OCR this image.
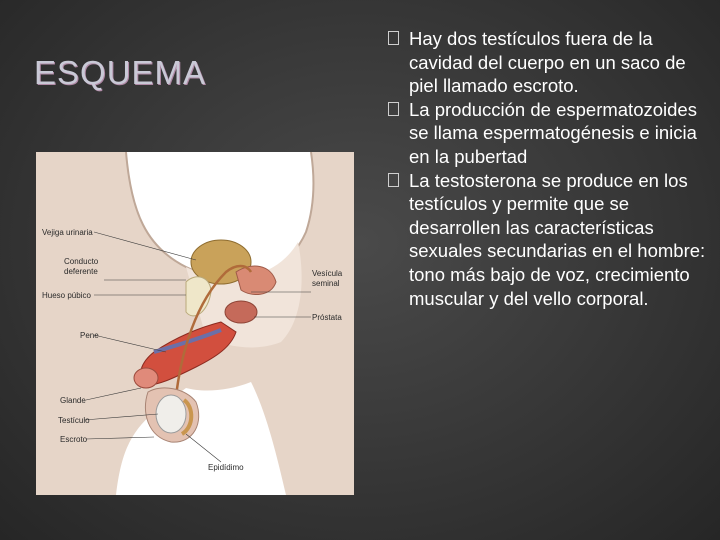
ESQUEMA
Vejiga urinaria
Conducto
deferente
Hueso púbico
Pene
Glande
Testículo
Escroto
Vesícula
seminal
Próstata
Epidídimo
Hay dos testículos fuera de la cavidad del cuerpo en un saco de piel llamado escroto.
La producción de espermatozoides se llama espermatogénesis e inicia en la pubertad
La testosterona se produce en los testículos y permite que se desarrollen las características sexuales secundarias en el hombre: tono más bajo de voz, crecimiento muscular y del vello corporal.
